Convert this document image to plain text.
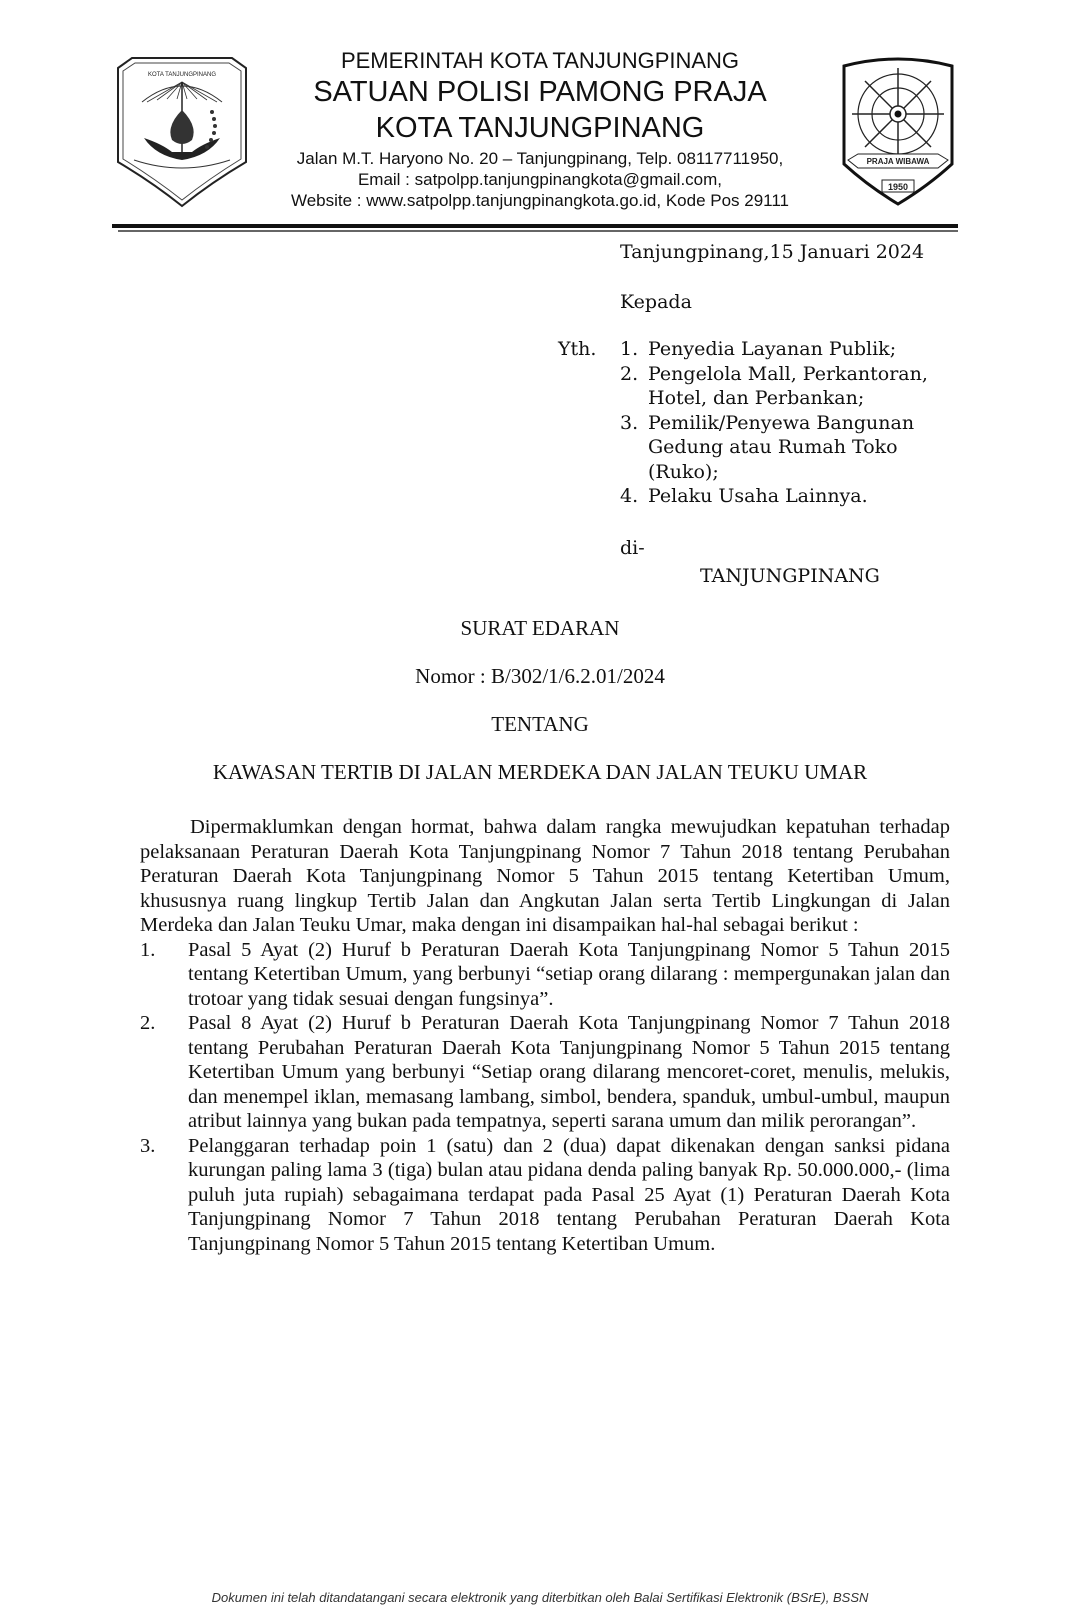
KOTA TANJUNGPINANG
PEMERINTAH KOTA TANJUNGPINANG
SATUAN POLISI PAMONG PRAJA
KOTA TANJUNGPINANG
Jalan M.T. Haryono No. 20 – Tanjungpinang, Telp. 08117711950,
Email : satpolpp.tanjungpinangkota@gmail.com,
Website : www.satpolpp.tanjungpinangkota.go.id, Kode Pos 29111
PRAJA WIBAWA
1950
Tanjungpinang,15 Januari 2024
Kepada
Yth. 1. Penyedia Layanan Publik;
2. Pengelola Mall, Perkantoran,
Hotel, dan Perbankan;
3. Pemilik/Penyewa Bangunan
Gedung atau Rumah Toko
(Ruko);
4. Pelaku Usaha Lainnya.
di-
TANJUNGPINANG
SURAT EDARAN
Nomor : B/302/1/6.2.01/2024
TENTANG
KAWASAN TERTIB DI JALAN MERDEKA DAN JALAN TEUKU UMAR

Dipermaklumkan dengan hormat, bahwa dalam rangka mewujudkan kepatuhan terhadap pelaksanaan Peraturan Daerah Kota Tanjungpinang Nomor 7 Tahun 2018 tentang Perubahan Peraturan Daerah Kota Tanjungpinang Nomor 5 Tahun 2015 tentang Ketertiban Umum, khususnya ruang lingkup Tertib Jalan dan Angkutan Jalan serta Tertib Lingkungan di Jalan Merdeka dan Jalan Teuku Umar, maka dengan ini disampaikan hal-hal sebagai berikut :

1.	Pasal 5 Ayat (2) Huruf b Peraturan Daerah Kota Tanjungpinang Nomor 5 Tahun 2015 tentang Ketertiban Umum, yang berbunyi “setiap orang dilarang : mempergunakan jalan dan trotoar yang tidak sesuai dengan fungsinya”.
2.	Pasal 8 Ayat (2) Huruf b Peraturan Daerah Kota Tanjungpinang Nomor 7 Tahun 2018 tentang Perubahan Peraturan Daerah Kota Tanjungpinang Nomor 5 Tahun 2015 tentang Ketertiban Umum yang berbunyi “Setiap orang dilarang mencoret-coret, menulis, melukis, dan menempel iklan, memasang lambang, simbol, bendera, spanduk, umbul-umbul, maupun atribut lainnya yang bukan pada tempatnya, seperti sarana umum dan milik perorangan”.
3.	Pelanggaran terhadap poin 1 (satu) dan 2 (dua) dapat dikenakan dengan sanksi pidana kurungan paling lama 3 (tiga) bulan atau pidana denda paling banyak Rp. 50.000.000,- (lima puluh juta rupiah) sebagaimana terdapat pada Pasal 25 Ayat (1) Peraturan Daerah Kota Tanjungpinang Nomor 7 Tahun 2018 tentang Perubahan Peraturan Daerah Kota Tanjungpinang Nomor 5 Tahun 2015 tentang Ketertiban Umum.
Dokumen ini telah ditandatangani secara elektronik yang diterbitkan oleh Balai Sertifikasi Elektronik (BSrE), BSSN
